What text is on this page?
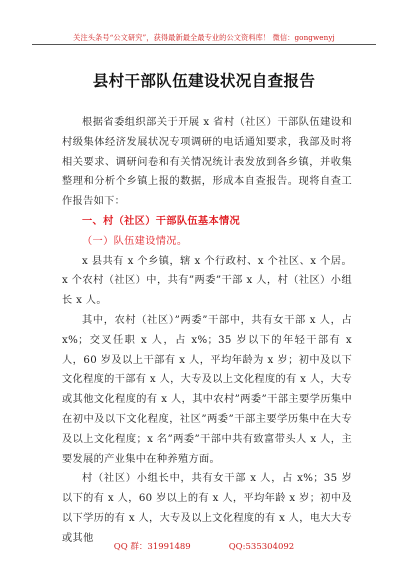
关注头条号“公文研究”，获得最新最全最专业的公文资料库！ 微信：gongwenyj
县村干部队伍建设状况自查报告

根据省委组织部关于开展 x 省村（社区）干部队伍建设和村级集体经济发展状况专项调研的电话通知要求，我部及时将相关要求、调研问卷和有关情况统计表发放到各乡镇，并收集整理和分析个乡镇上报的数据，形成本自查报告。现将自查工作报告如下：

一、村（社区）干部队伍基本情况

（一）队伍建设情况。

x 县共有 x 个乡镇，辖 x 个行政村、x 个社区、x 个居。x 个农村（社区）中，共有”两委”干部 x 人，村（社区）小组长 x 人。

其中，农村（社区）”两委”干部中，共有女干部 x 人，占 x%；交叉任职 x 人，占 x%；35 岁以下的年轻干部有 x 人，60 岁及以上干部有 x 人，平均年龄为 x 岁；初中及以下文化程度的干部有 x 人，大专及以上文化程度的有 x 人，大专或其他文化程度的有 x 人，其中农村”两委”干部主要学历集中在初中及以下文化程度，社区”两委”干部主要学历集中在大专及以上文化程度；x 名”两委”干部中共有致富带头人 x 人，主要发展的产业集中在种养殖方面。

村（社区）小组长中，共有女干部 x 人，占 x%；35 岁以下的有 x 人，60 岁以上的有 x 人，平均年龄 x 岁；初中及以下学历的有 x 人，大专及以上文化程度的有 x 人，电大大专或其他

QQ 群：31991489	QQ:535304092
